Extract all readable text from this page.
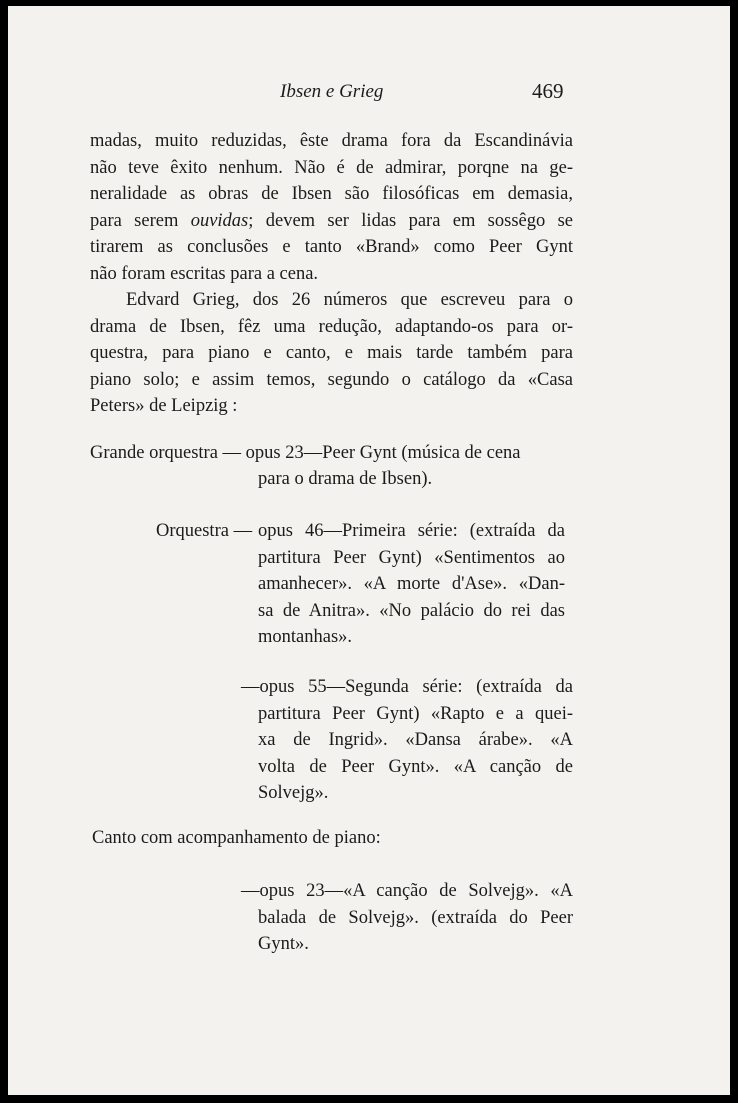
Ibsen e Grieg	469
madas, muito reduzidas, êste drama fora da Escandinávia
não teve êxito nenhum. Não é de admirar, porqne na ge-
neralidade as obras de Ibsen são filosóficas em demasia,
para serem ouvidas; devem ser lidas para em sossêgo se
tirarem as conclusões e tanto «Brand» como Peer Gynt
não foram escritas para a cena.
Edvard Grieg, dos 26 números que escreveu para o
drama de Ibsen, fêz uma redução, adaptando-os para or-
questra, para piano e canto, e mais tarde também para
piano solo; e assim temos, segundo o catálogo da «Casa
Peters» de Leipzig :
Grande orquestra — opus 23—Peer Gynt (música de cena
para o drama de Ibsen).
Orquestra — opus 46—Primeira série: (extraída da
partitura Peer Gynt) «Sentimentos ao
amanhecer». «A morte d'Ase». «Dan-
sa de Anitra». «No palácio do rei das
montanhas».
—opus 55—Segunda série: (extraída da
partitura Peer Gynt) «Rapto e a quei-
xa de Ingrid». «Dansa árabe». «A
volta de Peer Gynt». «A canção de
Solvejg».
Canto com acompanhamento de piano:
—opus 23—«A canção de Solvejg». «A
balada de Solvejg». (extraída do Peer
Gynt».
